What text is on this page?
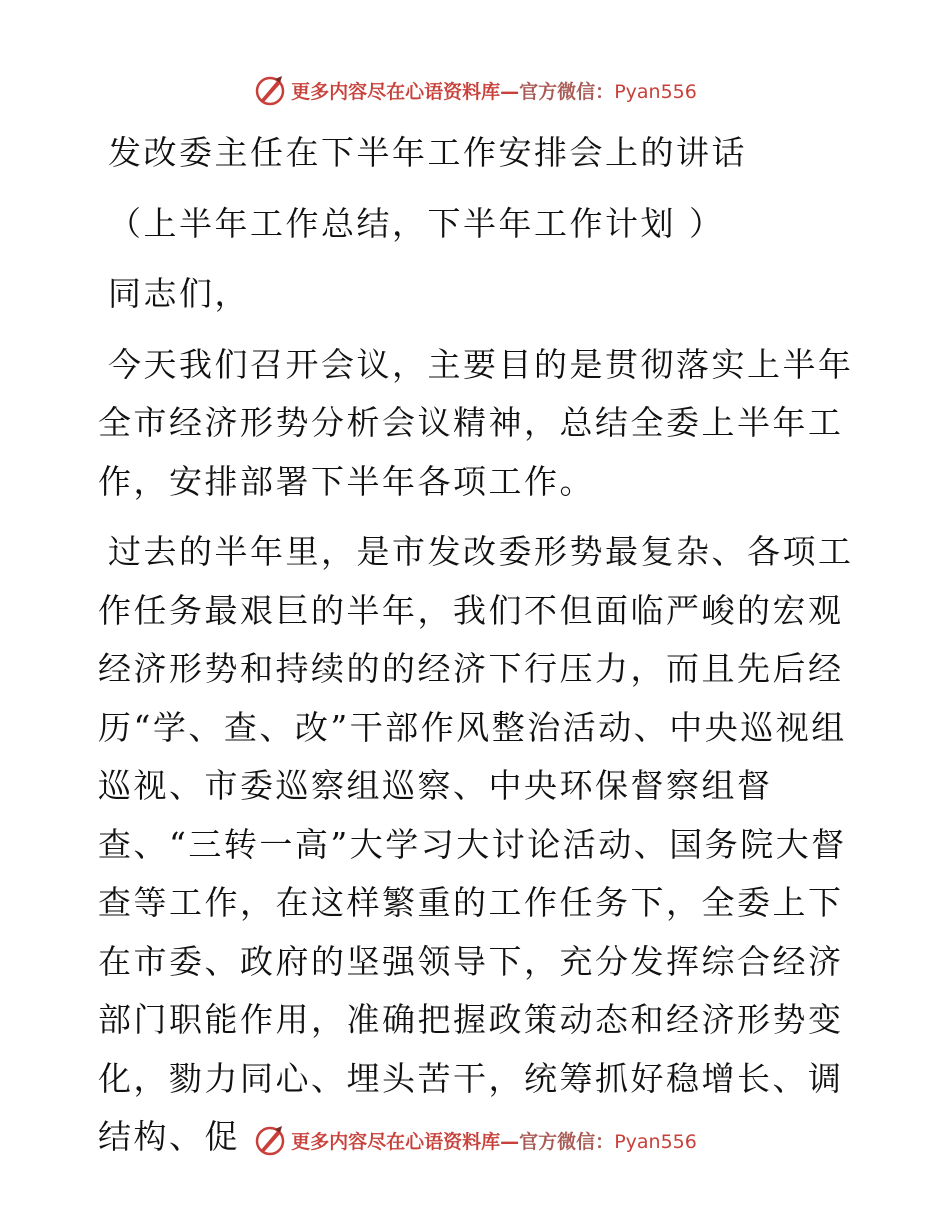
更多内容尽在心语资料库—官方微信：Pyan556

发改委主任在下半年工作安排会上的讲话

（上半年工作总结，下半年工作计划 ）

同志们，

今天我们召开会议，主要目的是贯彻落实上半年全市经济形势分析会议精神，总结全委上半年工作，安排部署下半年各项工作。

过去的半年里，是市发改委形势最复杂、各项工作任务最艰巨的半年，我们不但面临严峻的宏观经济形势和持续的的经济下行压力，而且先后经历“学、查、改”干部作风整治活动、中央巡视组巡视、市委巡察组巡察、中央环保督察组督查、“三转一高”大学习大讨论活动、国务院大督查等工作，在这样繁重的工作任务下，全委上下在市委、政府的坚强领导下，充分发挥综合经济部门职能作用，准确把握政策动态和经济形势变化，勠力同心、埋头苦干，统筹抓好稳增长、调结构、促	更多内容尽在心语资料库—官方微信：Pyan556
